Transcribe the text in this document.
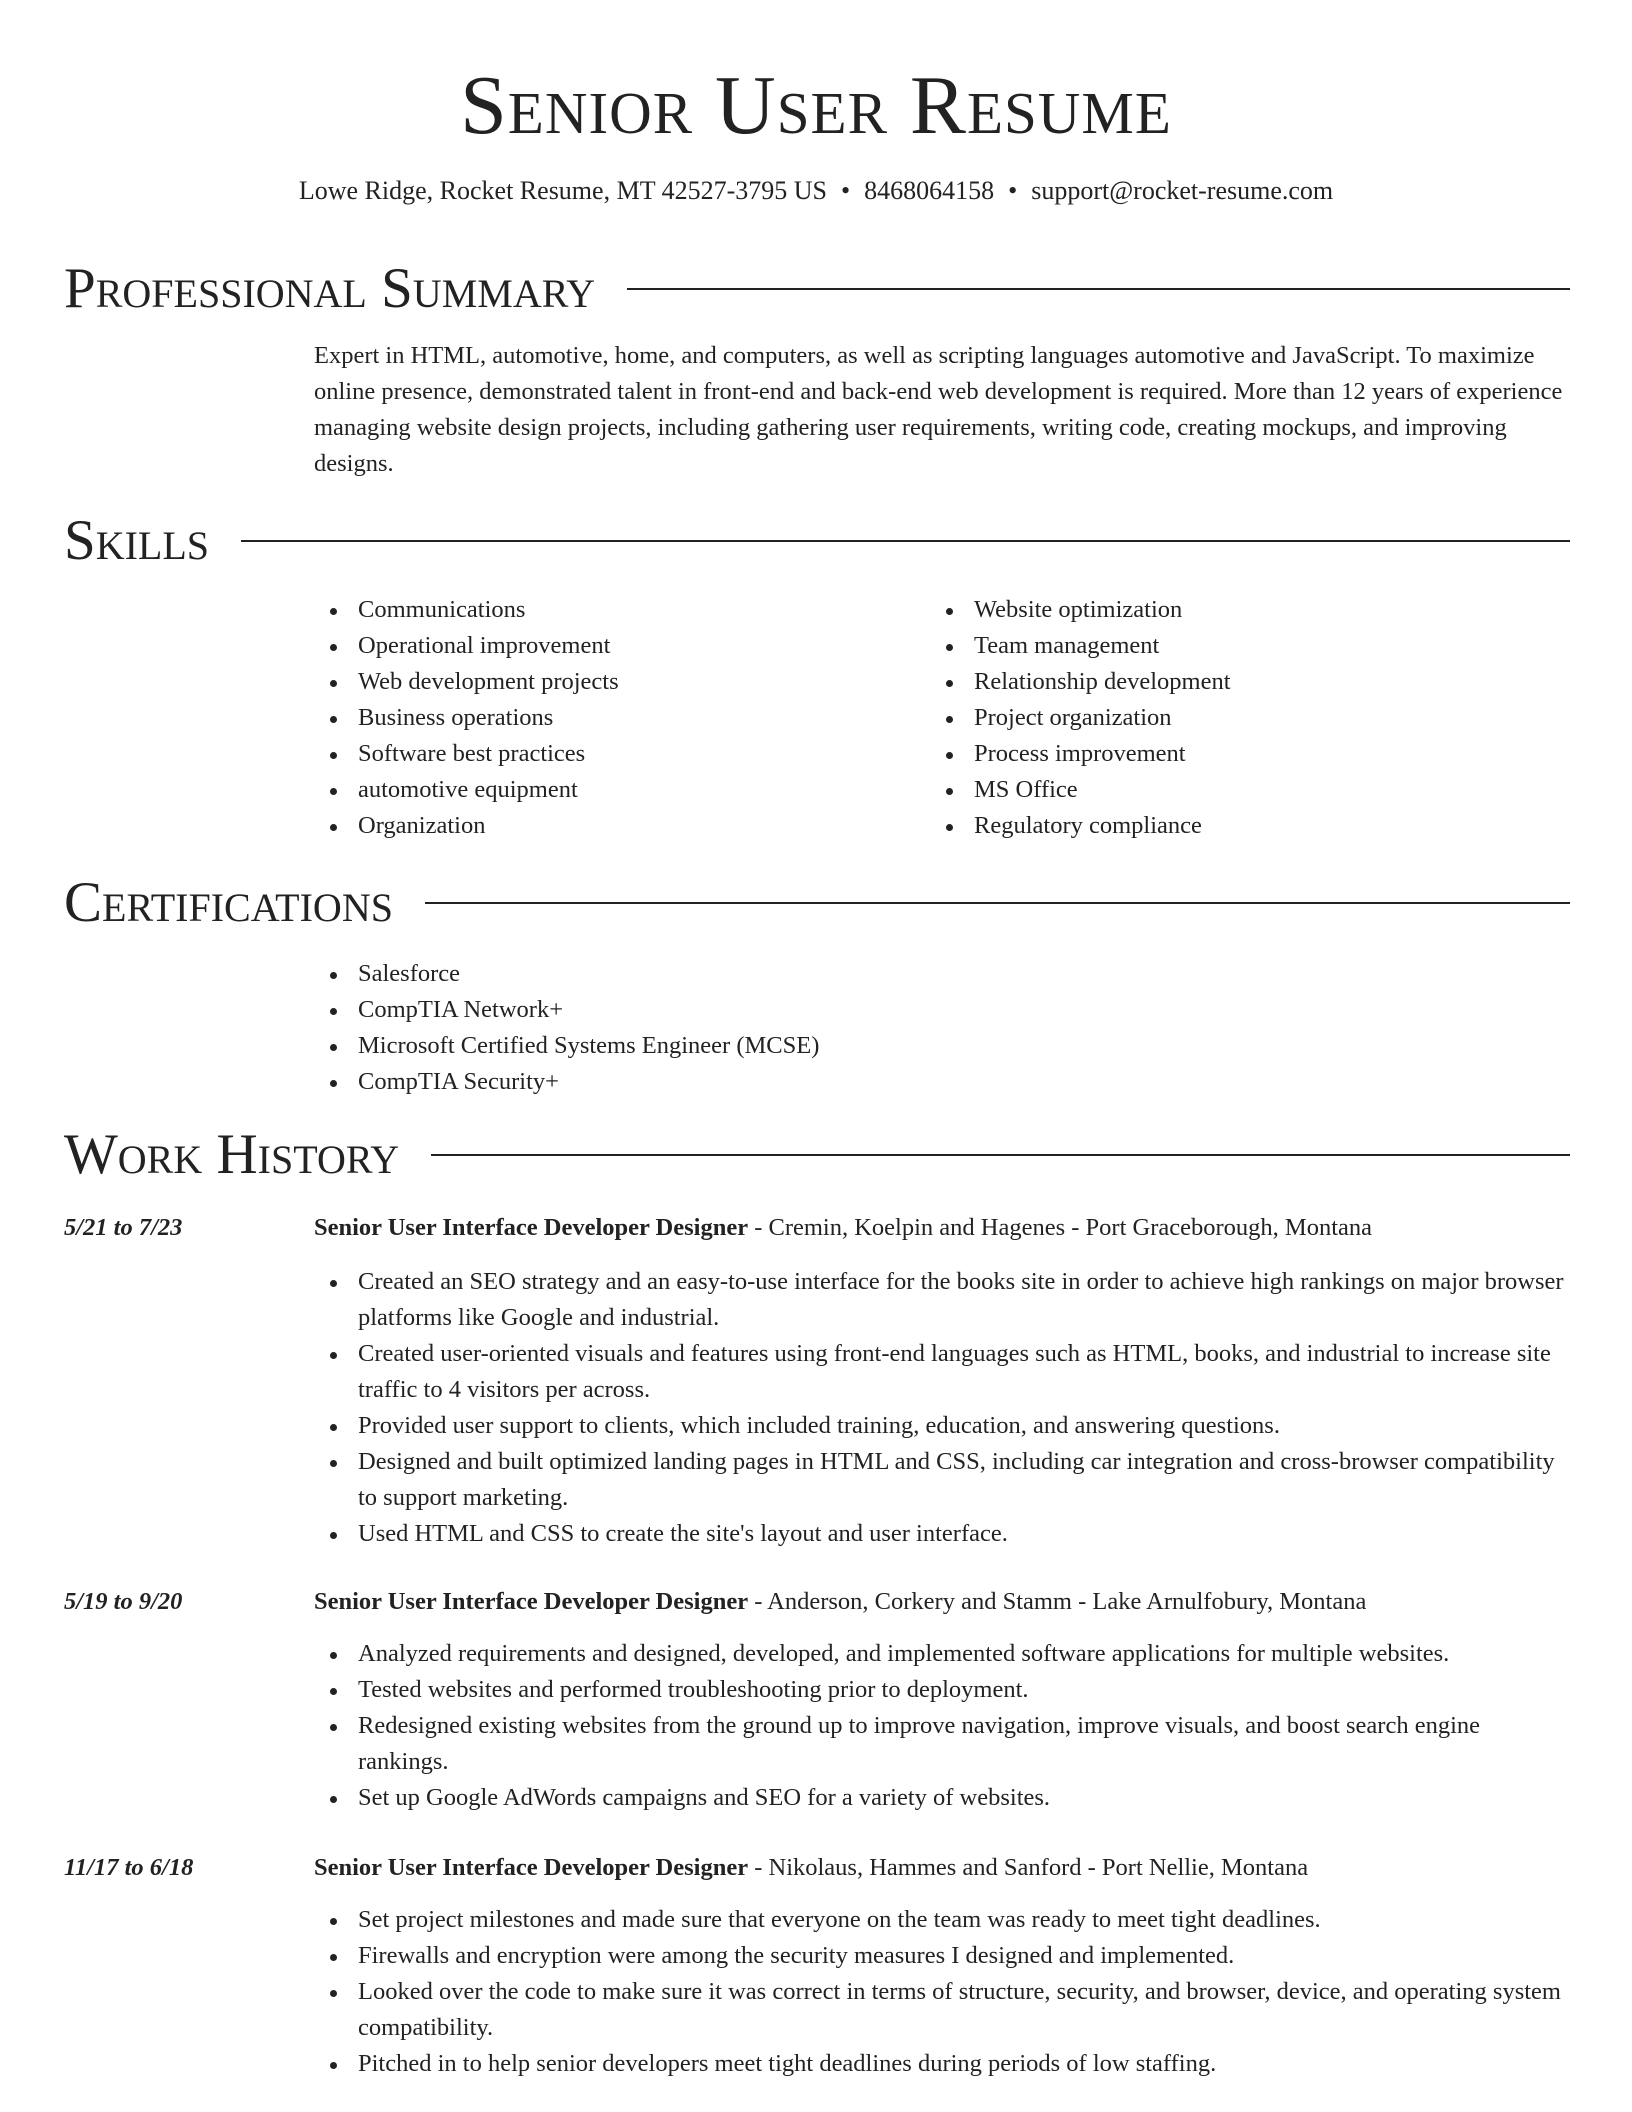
Senior User Resume
Lowe Ridge, Rocket Resume, MT 42527-3795 US • 8468064158 • support@rocket-resume.com
Professional Summary

Expert in HTML, automotive, home, and computers, as well as scripting languages automotive and JavaScript. To maximize online presence, demonstrated talent in front-end and back-end web development is required. More than 12 years of experience managing website design projects, including gathering user requirements, writing code, creating mockups, and improving designs.

Skills
Communications
Operational improvement
Web development projects
Business operations
Software best practices
automotive equipment
Organization
Website optimization
Team management
Relationship development
Project organization
Process improvement
MS Office
Regulatory compliance
Certifications
Salesforce
CompTIA Network+
Microsoft Certified Systems Engineer (MCSE)
CompTIA Security+
Work History
5/21 to 7/23	Senior User Interface Developer Designer - Cremin, Koelpin and Hagenes - Port Graceborough, Montana
Created an SEO strategy and an easy-to-use interface for the books site in order to achieve high rankings on major browser platforms like Google and industrial.
Created user-oriented visuals and features using front-end languages such as HTML, books, and industrial to increase site traffic to 4 visitors per across.
Provided user support to clients, which included training, education, and answering questions.
Designed and built optimized landing pages in HTML and CSS, including car integration and cross-browser compatibility to support marketing.
Used HTML and CSS to create the site's layout and user interface.
5/19 to 9/20	Senior User Interface Developer Designer - Anderson, Corkery and Stamm - Lake Arnulfobury, Montana
Analyzed requirements and designed, developed, and implemented software applications for multiple websites.
Tested websites and performed troubleshooting prior to deployment.
Redesigned existing websites from the ground up to improve navigation, improve visuals, and boost search engine rankings.
Set up Google AdWords campaigns and SEO for a variety of websites.
11/17 to 6/18	Senior User Interface Developer Designer - Nikolaus, Hammes and Sanford - Port Nellie, Montana
Set project milestones and made sure that everyone on the team was ready to meet tight deadlines.
Firewalls and encryption were among the security measures I designed and implemented.
Looked over the code to make sure it was correct in terms of structure, security, and browser, device, and operating system compatibility.
Pitched in to help senior developers meet tight deadlines during periods of low staffing.
